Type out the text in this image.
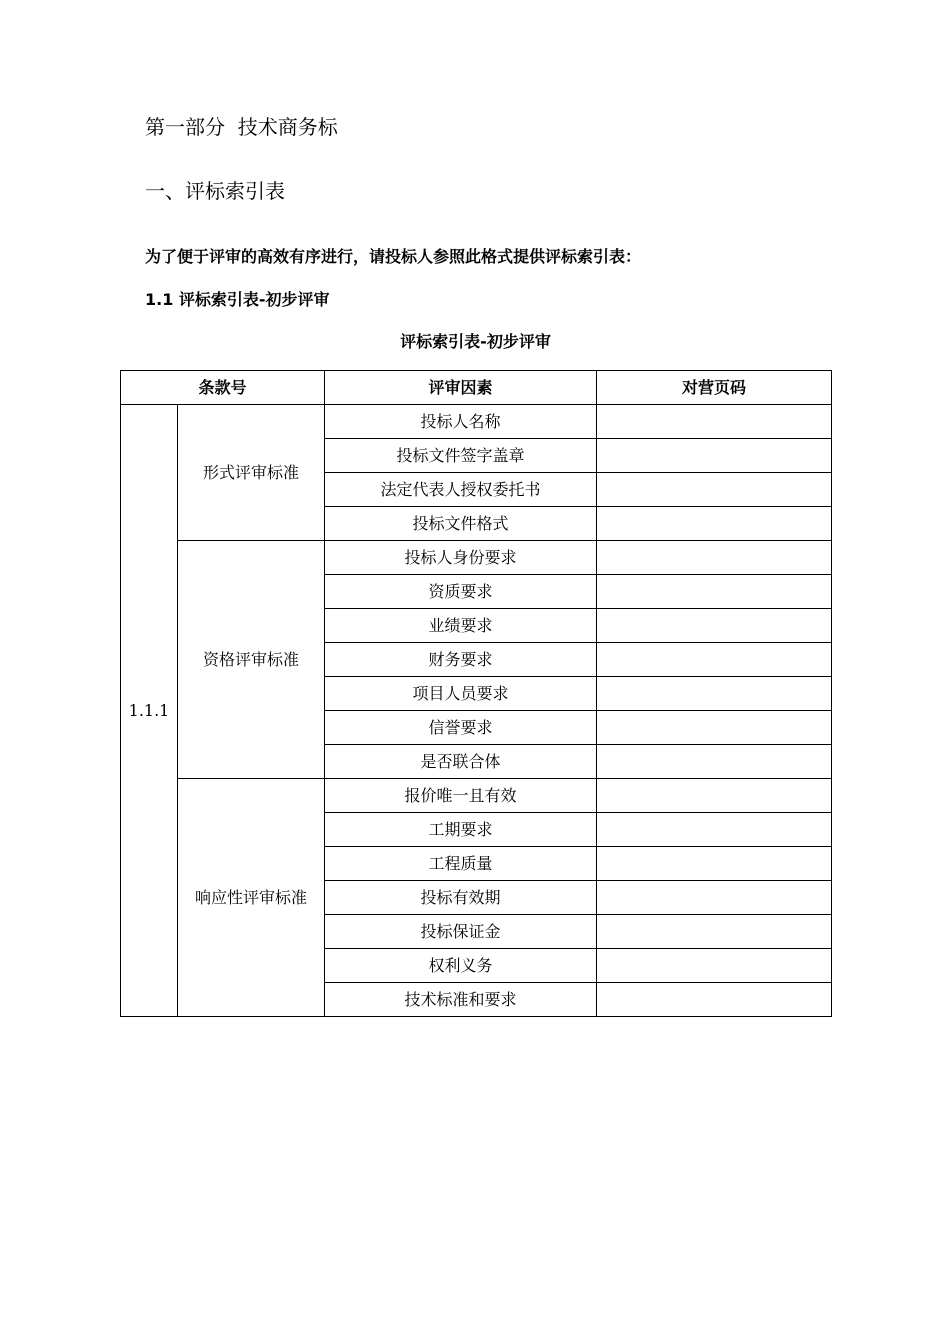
第一部分  技术商务标
一、评标索引表
为了便于评审的高效有序进行，请投标人参照此格式提供评标索引表：
1.1 评标索引表-初步评审
评标索引表-初步评审
条款号		评审因素	对营页码
1.1.1	形式评审标准	投标人名称	
		投标文件签字盖章	
		法定代表人授权委托书	
		投标文件格式	
	资格评审标准	投标人身份要求	
		资质要求	
		业绩要求	
		财务要求	
		项目人员要求	
		信誉要求	
		是否联合体	
	响应性评审标准	报价唯一且有效	
		工期要求	
		工程质量	
		投标有效期	
		投标保证金	
		权利义务	
		技术标准和要求	
